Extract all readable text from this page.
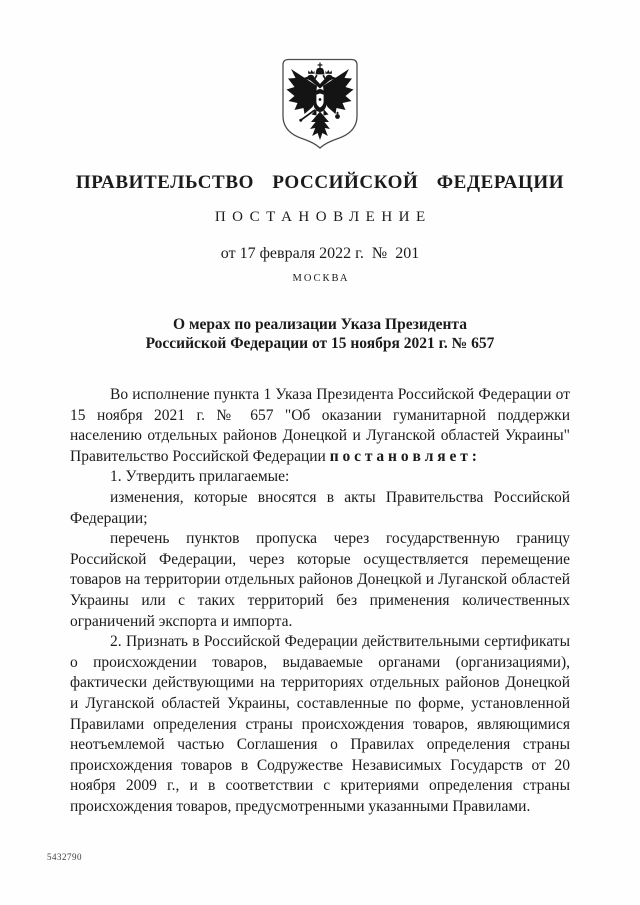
ПРАВИТЕЛЬСТВО РОССИЙСКОЙ ФЕДЕРАЦИИ
ПОСТАНОВЛЕНИЕ
от 17 февраля 2022 г.  №  201
МОСКВА
О мерах по реализации Указа Президента
Российской Федерации от 15 ноября 2021 г. № 657

Во исполнение пункта 1 Указа Президента Российской Федерации от 15 ноября 2021 г. № 657 "Об оказании гуманитарной поддержки населению отдельных районов Донецкой и Луганской областей Украины" Правительство Российской Федерации п о с т а н о в л я е т :

1. Утвердить прилагаемые:

изменения, которые вносятся в акты Правительства Российской Федерации;

перечень пунктов пропуска через государственную границу Российской Федерации, через которые осуществляется перемещение товаров на территории отдельных районов Донецкой и Луганской областей Украины или с таких территорий без применения количественных ограничений экспорта и импорта.

2. Признать в Российской Федерации действительными сертификаты о происхождении товаров, выдаваемые органами (организациями), фактически действующими на территориях отдельных районов Донецкой и Луганской областей Украины, составленные по форме, установленной Правилами определения страны происхождения товаров, являющимися неотъемлемой частью Соглашения о Правилах определения страны происхождения товаров в Содружестве Независимых Государств от 20 ноября 2009 г., и в соответствии с критериями определения страны происхождения товаров, предусмотренными указанными Правилами.

5432790
